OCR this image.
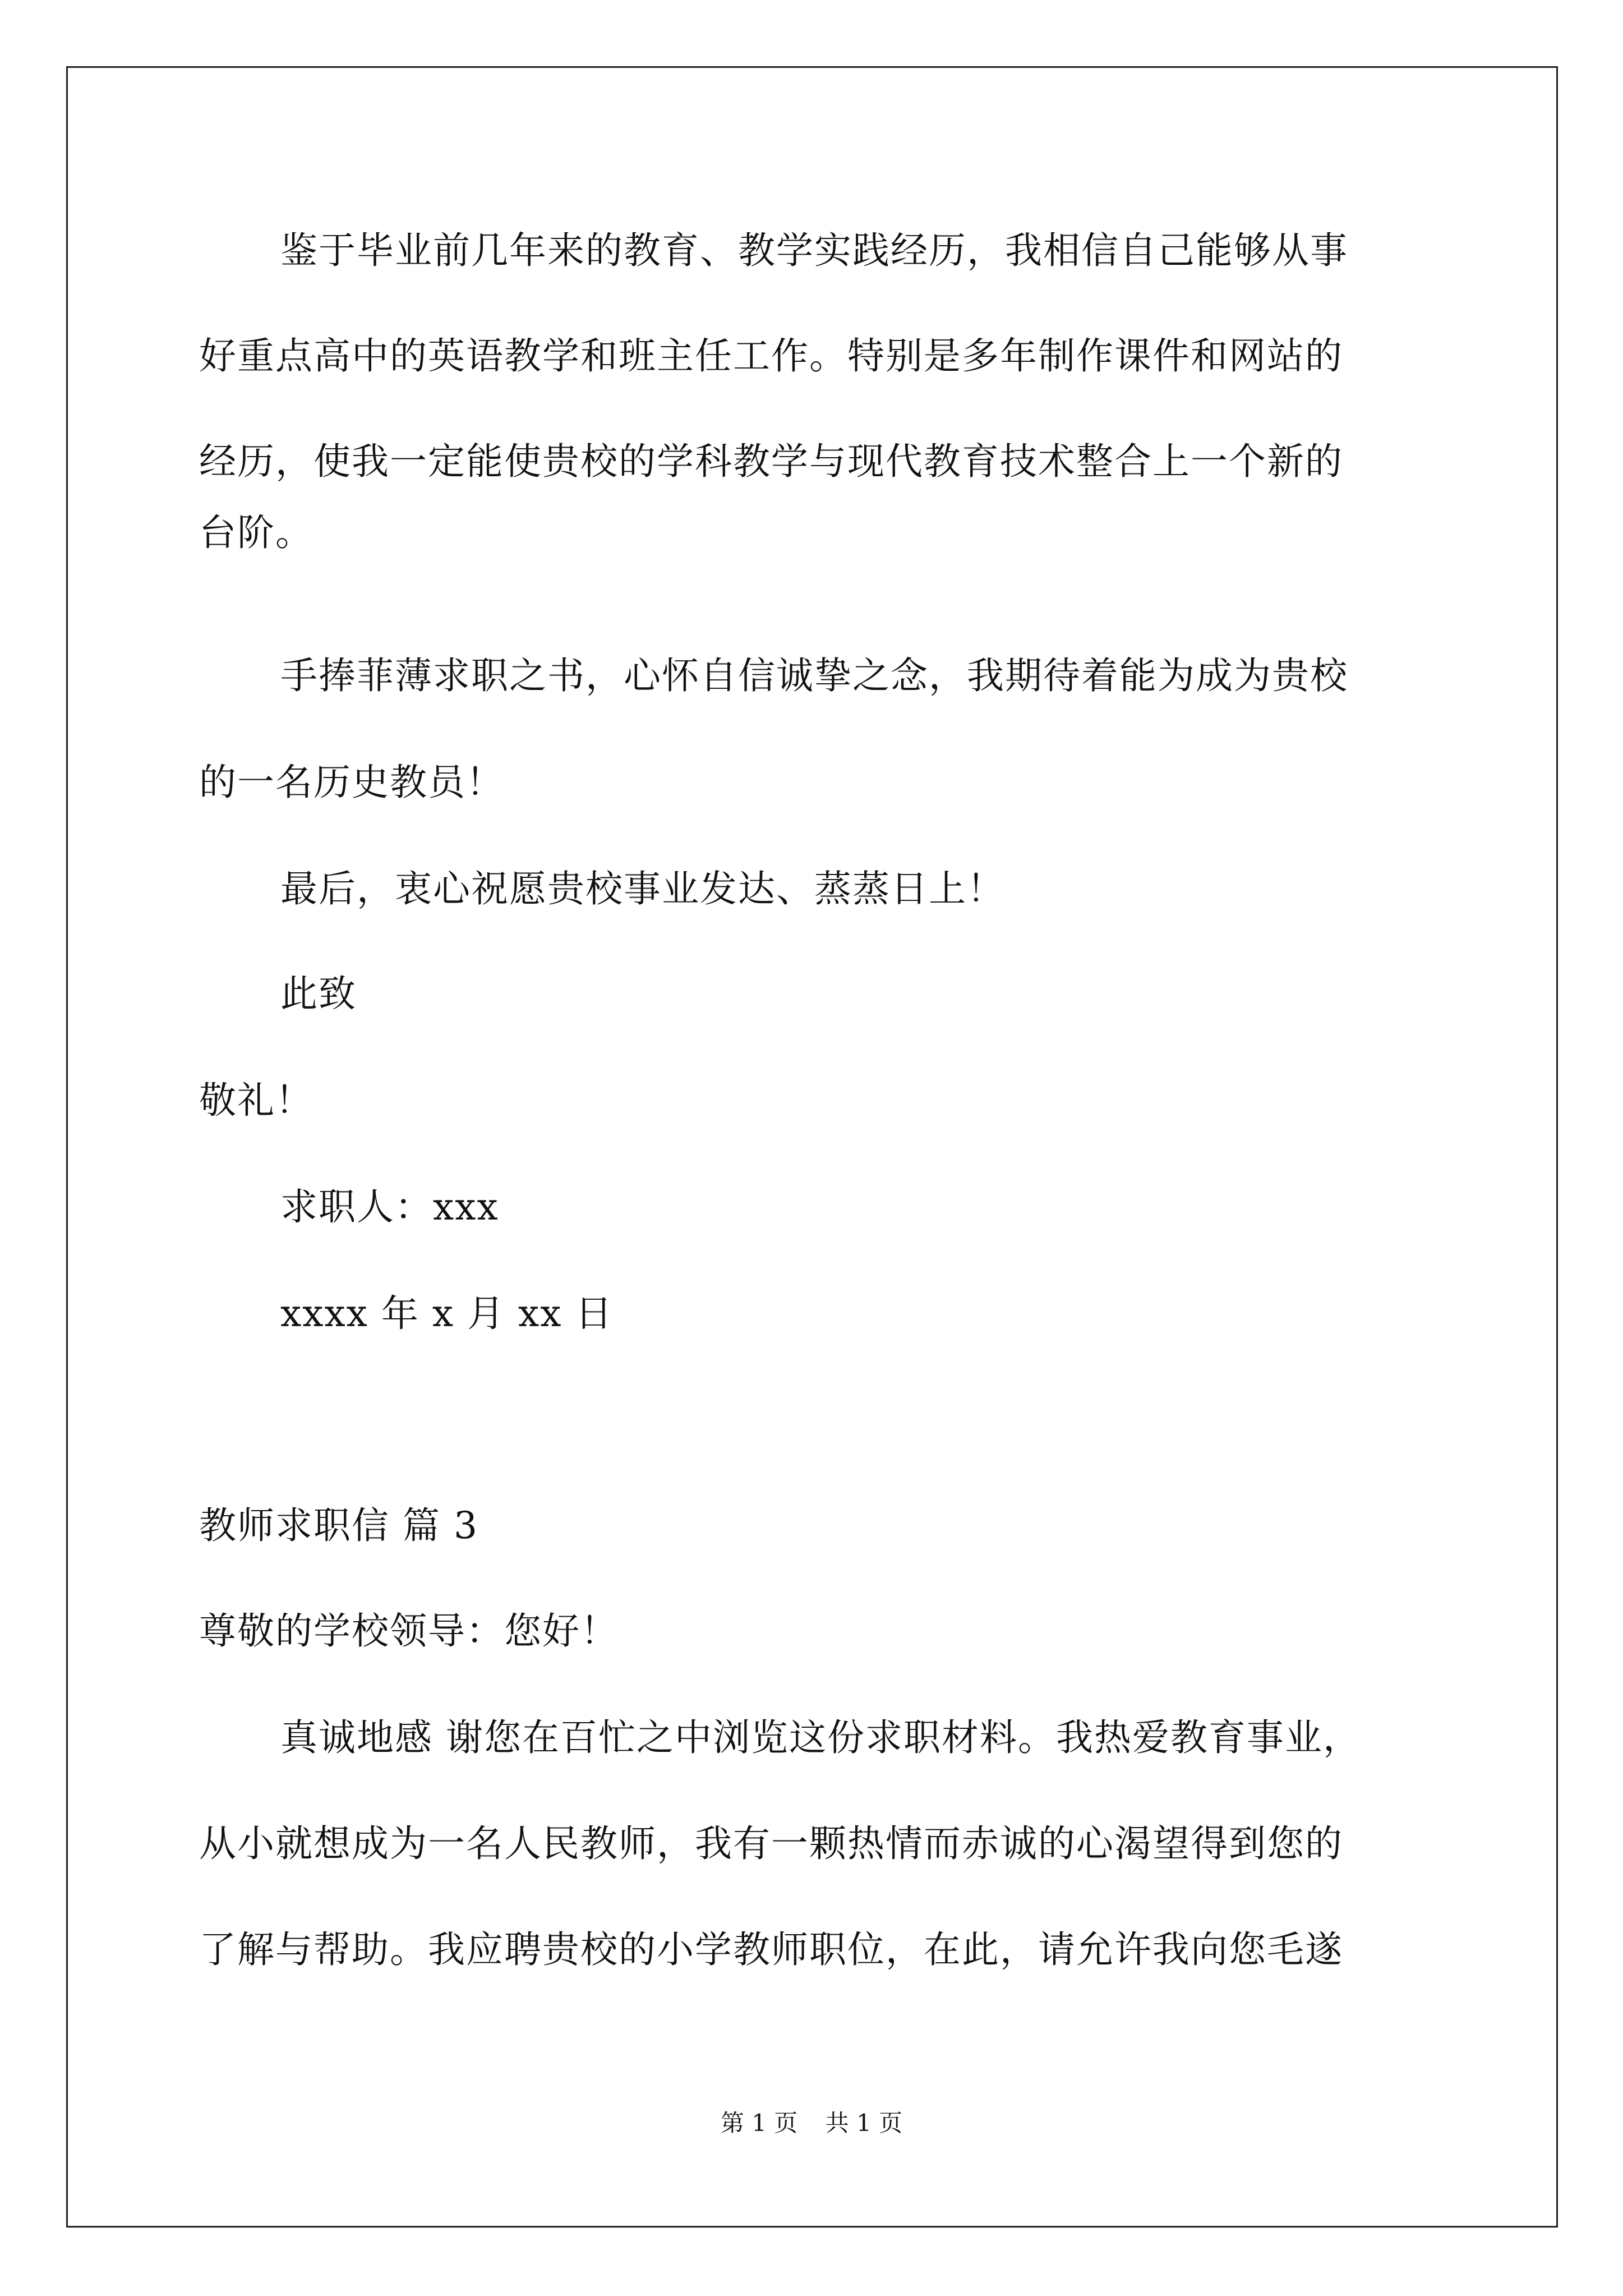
鉴于毕业前几年来的教育、教学实践经历，我相信自己能够从事
好重点高中的英语教学和班主任工作。特别是多年制作课件和网站的
经历，使我一定能使贵校的学科教学与现代教育技术整合上一个新的
台阶。
手捧菲薄求职之书，心怀自信诚挚之念，我期待着能为成为贵校
的一名历史教员！
最后，衷心祝愿贵校事业发达、蒸蒸日上！
此致
敬礼！
求职人：xxx
xxxx 年 x 月 xx 日
教师求职信 篇 3
尊敬的学校领导：您好！
真诚地感 谢您在百忙之中浏览这份求职材料。我热爱教育事业，
从小就想成为一名人民教师，我有一颗热情而赤诚的心渴望得到您的
了解与帮助。我应聘贵校的小学教师职位，在此，请允许我向您毛遂
第 1 页 共 1 页
